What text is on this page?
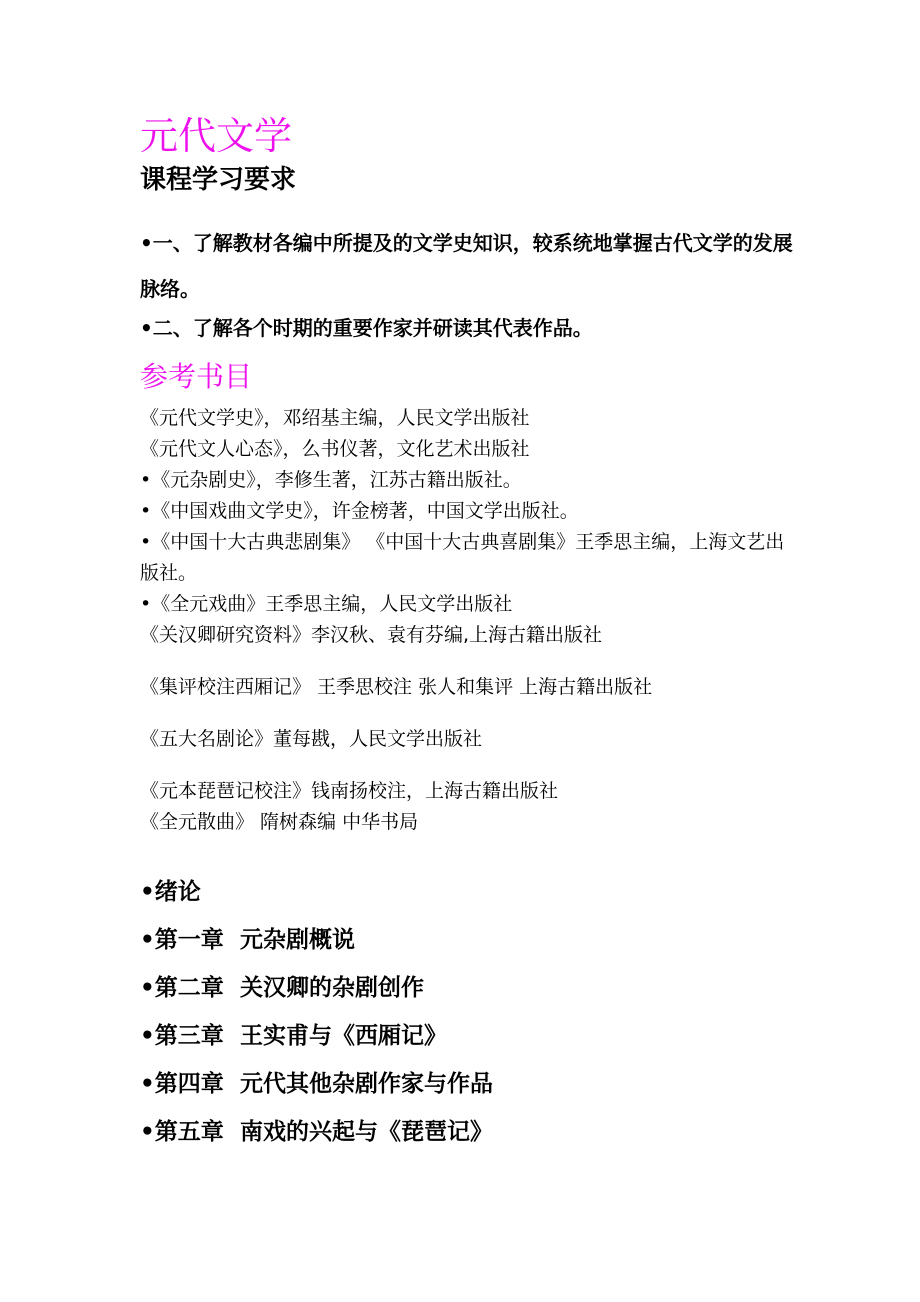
元代文学
课程学习要求
•一、了解教材各编中所提及的文学史知识，较系统地掌握古代文学的发展脉络。
•二、了解各个时期的重要作家并研读其代表作品。
参考书目
《元代文学史》，邓绍基主编，人民文学出版社
《元代文人心态》，么书仪著，文化艺术出版社
•《元杂剧史》，李修生著，江苏古籍出版社。
•《中国戏曲文学史》，许金榜著，中国文学出版社。
•《中国十大古典悲剧集》 《中国十大古典喜剧集》王季思主编，上海文艺出版社。
•《全元戏曲》王季思主编，人民文学出版社
《关汉卿研究资料》李汉秋、袁有芬编,上海古籍出版社
《集评校注西厢记》 王季思校注 张人和集评 上海古籍出版社
《五大名剧论》董每戡，人民文学出版社
《元本琵琶记校注》钱南扬校注，上海古籍出版社
《全元散曲》 隋树森编 中华书局
•绪论
•第一章 元杂剧概说
•第二章 关汉卿的杂剧创作
•第三章 王实甫与《西厢记》
•第四章 元代其他杂剧作家与作品
•第五章 南戏的兴起与《琵琶记》
